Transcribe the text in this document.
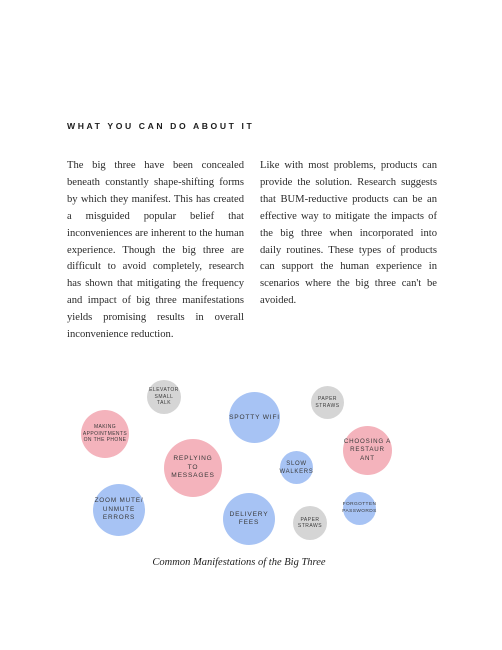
WHAT YOU CAN DO ABOUT IT
The big three have been concealed beneath constantly shape-shifting forms by which they manifest. This has created a misguided popular belief that inconveniences are inherent to the human experience. Though the big three are difficult to avoid completely, research has shown that mitigating the frequency and impact of big three manifestations yields promising results in overall inconvenience reduction.
Like with most problems, products can provide the solution. Research suggests that BUM-reductive products can be an effective way to mitigate the impacts of the big three when incorporated into daily routines. These types of products can support the human experience in scenarios where the big three can't be avoided.
ELEVATOR
SMALL TALK
PAPER
STRAWS
SPOTTY WIFI
MAKING
APPOINTMENTS
ON THE PHONE	CHOOSING A
RESTAUR
ANT
REPLYING
TO
MESSAGES
SLOW
WALKERS
ZOOM MUTE/
UNMUTE
ERRORS
FORGOTTEN
PASSWORDS
DELIVERY
FEES	PAPER
STRAWS
Common Manifestations of the Big Three
